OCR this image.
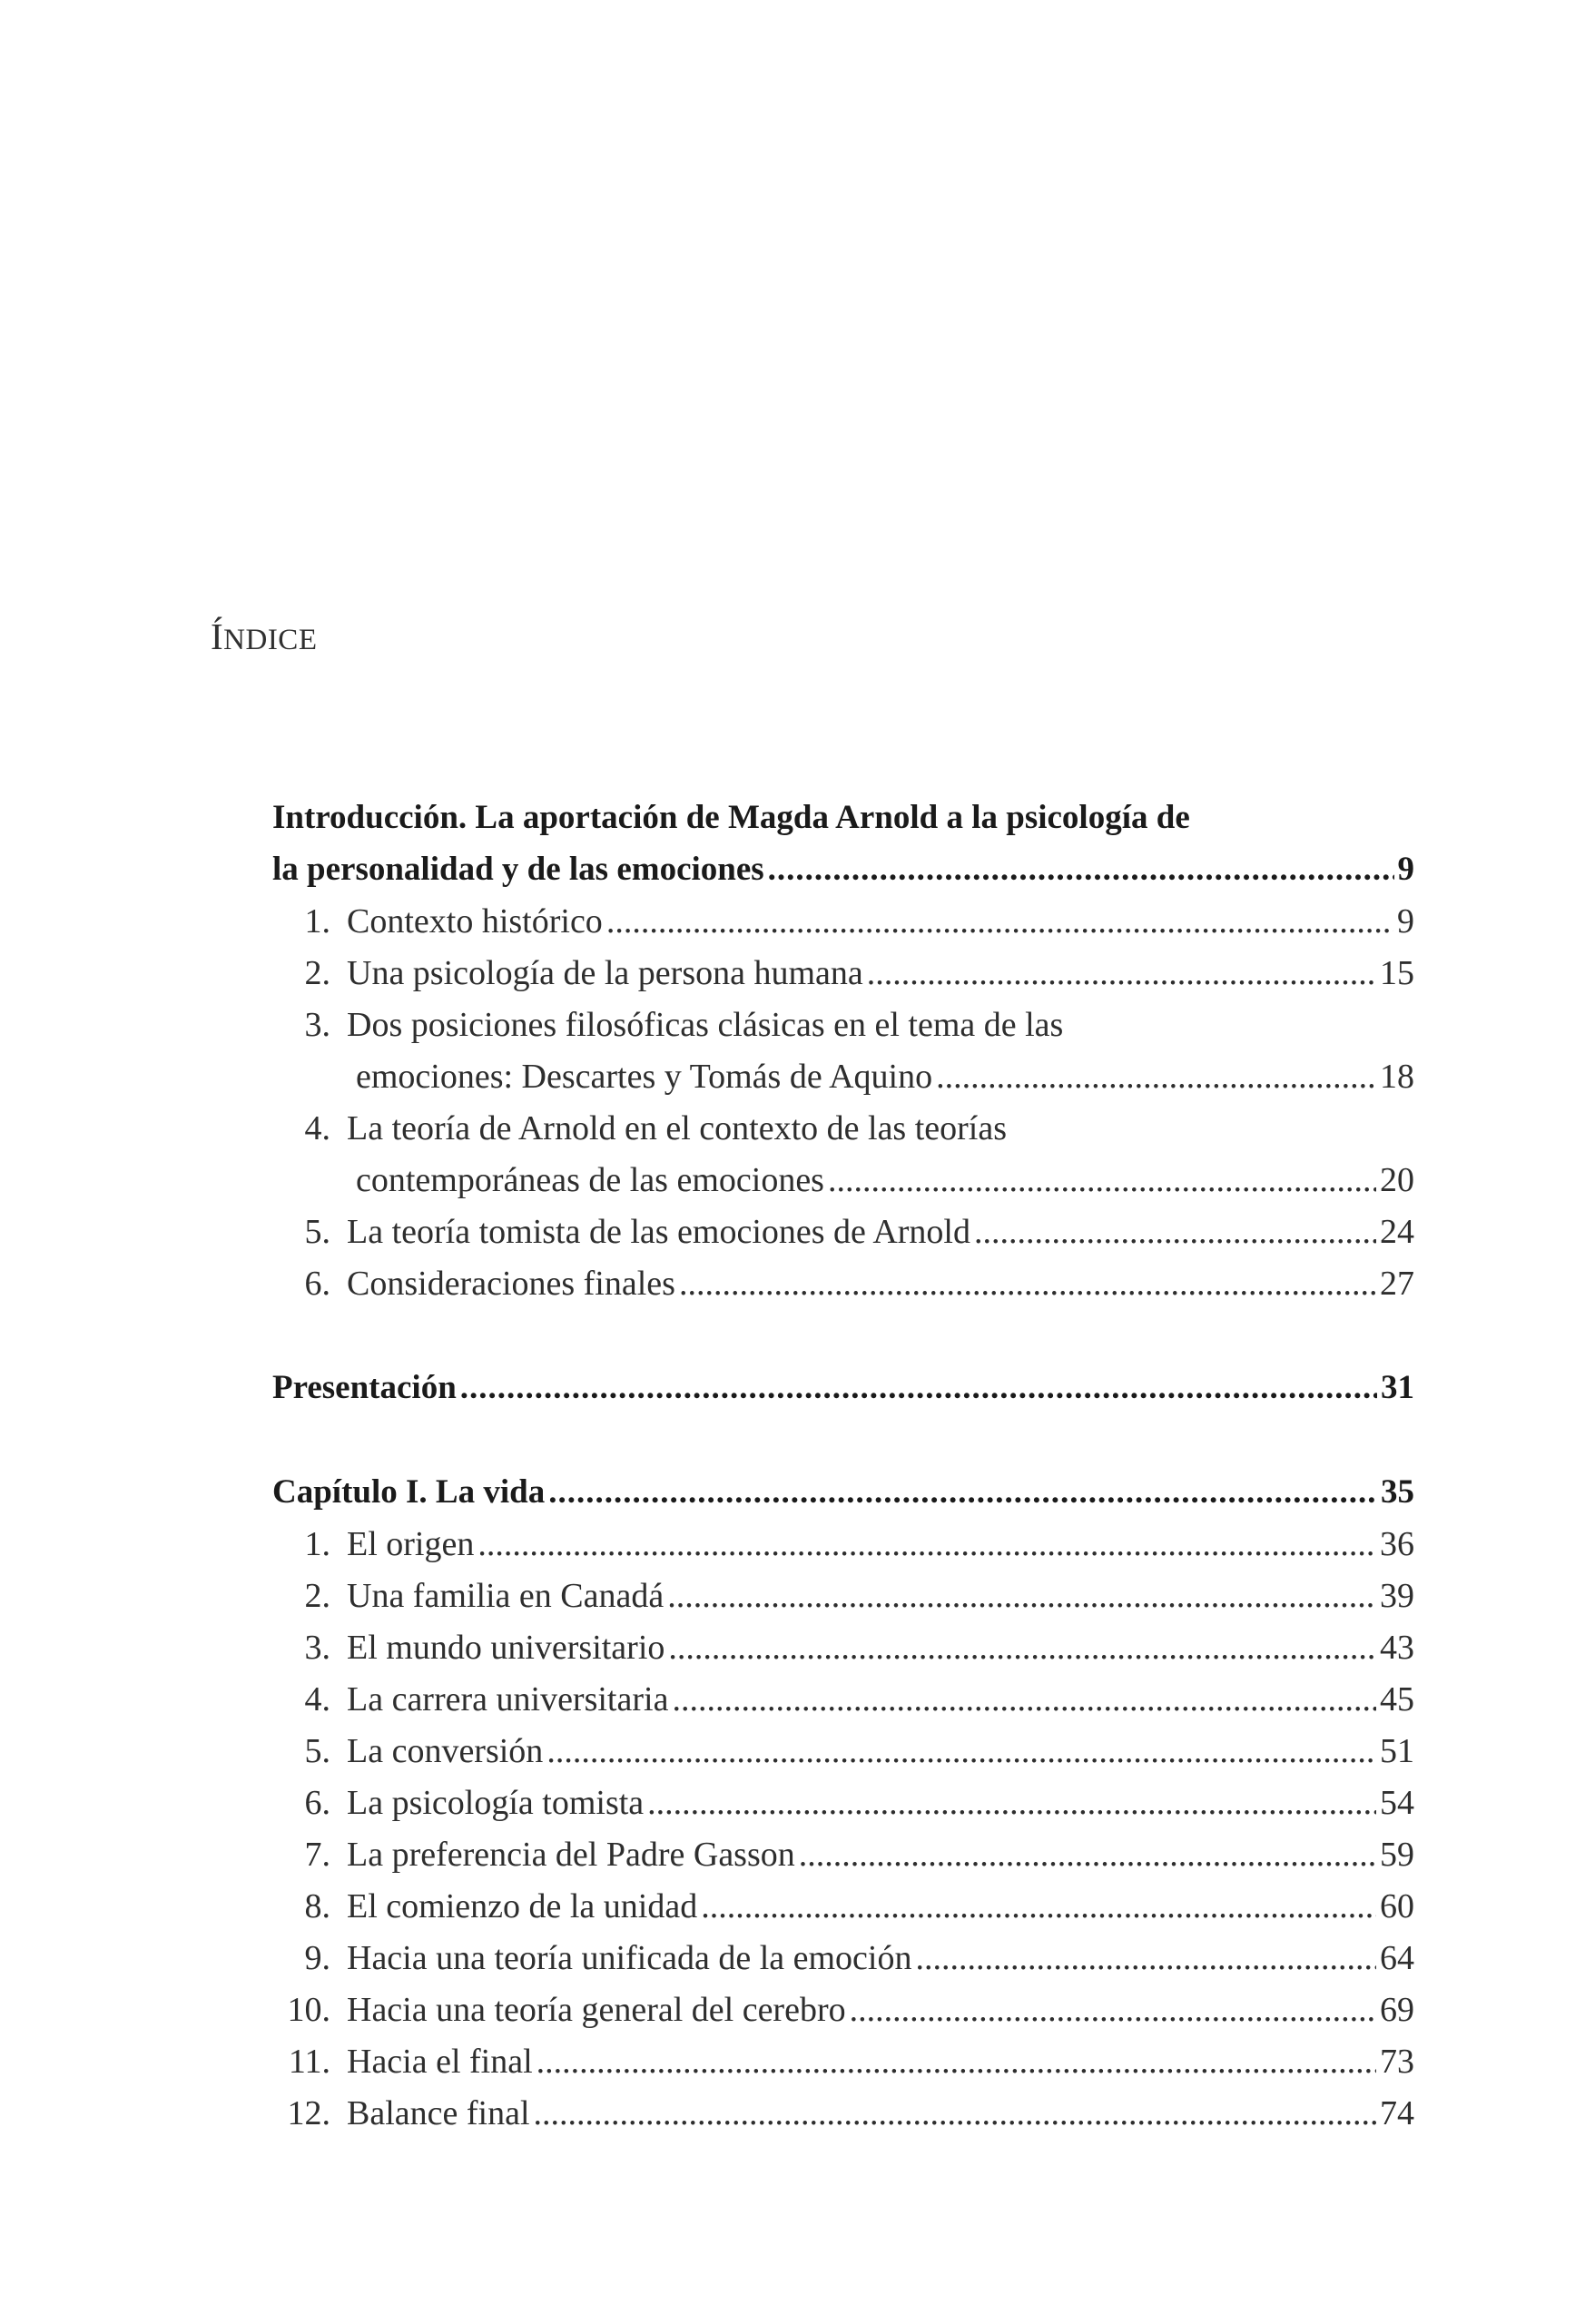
ÍNDICE
Introducción. La aportación de Magda Arnold a la psicología de
la personalidad y de las emociones .....	9
1. Contexto histórico .....	9
2. Una psicología de la persona humana .....	15
3. Dos posiciones filosóficas clásicas en el tema de las
emociones: Descartes y Tomás de Aquino .....	18
4. La teoría de Arnold en el contexto de las teorías
contemporáneas de las emociones .....	20
5. La teoría tomista de las emociones de Arnold .....	24
6. Consideraciones finales .....	27
Presentación .....	31
Capítulo I. La vida .....	35
1. El origen .....	36
2. Una familia en Canadá .....	39
3. El mundo universitario .....	43
4. La carrera universitaria .....	45
5. La conversión .....	51
6. La psicología tomista .....	54
7. La preferencia del Padre Gasson .....	59
8. El comienzo de la unidad .....	60
9. Hacia una teoría unificada de la emoción .....	64
10. Hacia una teoría general del cerebro .....	69
11. Hacia el final .....	73
12. Balance final .....	74
